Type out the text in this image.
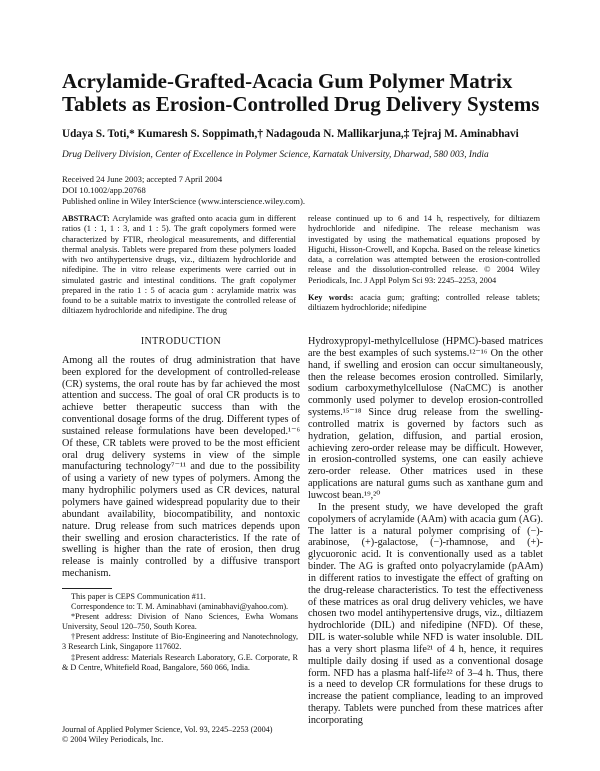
Acrylamide-Grafted-Acacia Gum Polymer Matrix Tablets as Erosion-Controlled Drug Delivery Systems

Udaya S. Toti,* Kumaresh S. Soppimath,† Nadagouda N. Mallikarjuna,‡ Tejraj M. Aminabhavi

Drug Delivery Division, Center of Excellence in Polymer Science, Karnatak University, Dharwad, 580 003, India

Received 24 June 2003; accepted 7 April 2004
DOI 10.1002/app.20768
Published online in Wiley InterScience (www.interscience.wiley.com).
ABSTRACT: Acrylamide was grafted onto acacia gum in different ratios (1 : 1, 1 : 3, and 1 : 5). The graft copolymers formed were characterized by FTIR, rheological measurements, and differential thermal analysis. Tablets were prepared from these polymers loaded with two antihypertensive drugs, viz., diltiazem hydrochloride and nifedipine. The in vitro release experiments were carried out in simulated gastric and intestinal conditions. The graft copolymer prepared in the ratio 1 : 5 of acacia gum : acrylamide matrix was found to be a suitable matrix to investigate the controlled release of diltiazem hydrochloride and nifedipine. The drug
release continued up to 6 and 14 h, respectively, for diltiazem hydrochloride and nifedipine. The release mechanism was investigated by using the mathematical equations proposed by Higuchi, Hisson-Crowell, and Kopcha. Based on the release kinetics data, a correlation was attempted between the erosion-controlled release and the dissolution-controlled release. © 2004 Wiley Periodicals, Inc. J Appl Polym Sci 93: 2245–2253, 2004
Key words: acacia gum; grafting; controlled release tablets; diltiazem hydrochloride; nifedipine
INTRODUCTION

Among all the routes of drug administration that have been explored for the development of controlled-release (CR) systems, the oral route has by far achieved the most attention and success. The goal of oral CR products is to achieve better therapeutic success than with the conventional dosage forms of the drug. Different types of sustained release formulations have been developed.¹⁻⁶ Of these, CR tablets were proved to be the most efficient oral drug delivery systems in view of the simple manufacturing technology⁷⁻¹¹ and due to the possibility of using a variety of new types of polymers. Among the many hydrophilic polymers used as CR devices, natural polymers have gained widespread popularity due to their abundant availability, biocompatibility, and nontoxic nature. Drug release from such matrices depends upon their swelling and erosion characteristics. If the rate of swelling is higher than the rate of erosion, then drug release is mainly controlled by a diffusive transport mechanism.

Hydroxypropyl-methylcellulose (HPMC)-based matrices are the best examples of such systems.¹²⁻¹⁶ On the other hand, if swelling and erosion can occur simultaneously, then the release becomes erosion controlled. Similarly, sodium carboxymethylcellulose (NaCMC) is another commonly used polymer to develop erosion-controlled systems.¹⁵⁻¹⁸ Since drug release from the swelling-controlled matrix is governed by factors such as hydration, gelation, diffusion, and partial erosion, achieving zero-order release may be difficult. However, in erosion-controlled systems, one can easily achieve zero-order release. Other matrices used in these applications are natural gums such as xanthane gum and luwcost bean.¹⁹,²⁰

In the present study, we have developed the graft copolymers of acrylamide (AAm) with acacia gum (AG). The latter is a natural polymer comprising of (−)-arabinose, (+)-galactose, (−)-rhamnose, and (+)-glycuoronic acid. It is conventionally used as a tablet binder. The AG is grafted onto polyacrylamide (pAAm) in different ratios to investigate the effect of grafting on the drug-release characteristics. To test the effectiveness of these matrices as oral drug delivery vehicles, we have chosen two model antihypertensive drugs, viz., diltiazem hydrochloride (DIL) and nifedipine (NFD). Of these, DIL is water-soluble while NFD is water insoluble. DIL has a very short plasma life²¹ of 4 h, hence, it requires multiple daily dosing if used as a conventional dosage form. NFD has a plasma half-life²² of 3–4 h. Thus, there is a need to develop CR formulations for these drugs to increase the patient compliance, leading to an improved therapy. Tablets were punched from these matrices after incorporating

This paper is CEPS Communication #11.

Correspondence to: T. M. Aminabhavi (aminabhavi@yahoo.com).

*Present address: Division of Nano Sciences, Ewha Womans University, Seoul 120–750, South Korea.

†Present address: Institute of Bio-Engineering and Nanotechnology, 3 Research Link, Singapore 117602.

‡Present address: Materials Research Laboratory, G.E. Corporate, R & D Centre, Whitefield Road, Bangalore, 560 066, India.

Journal of Applied Polymer Science, Vol. 93, 2245–2253 (2004)
© 2004 Wiley Periodicals, Inc.
